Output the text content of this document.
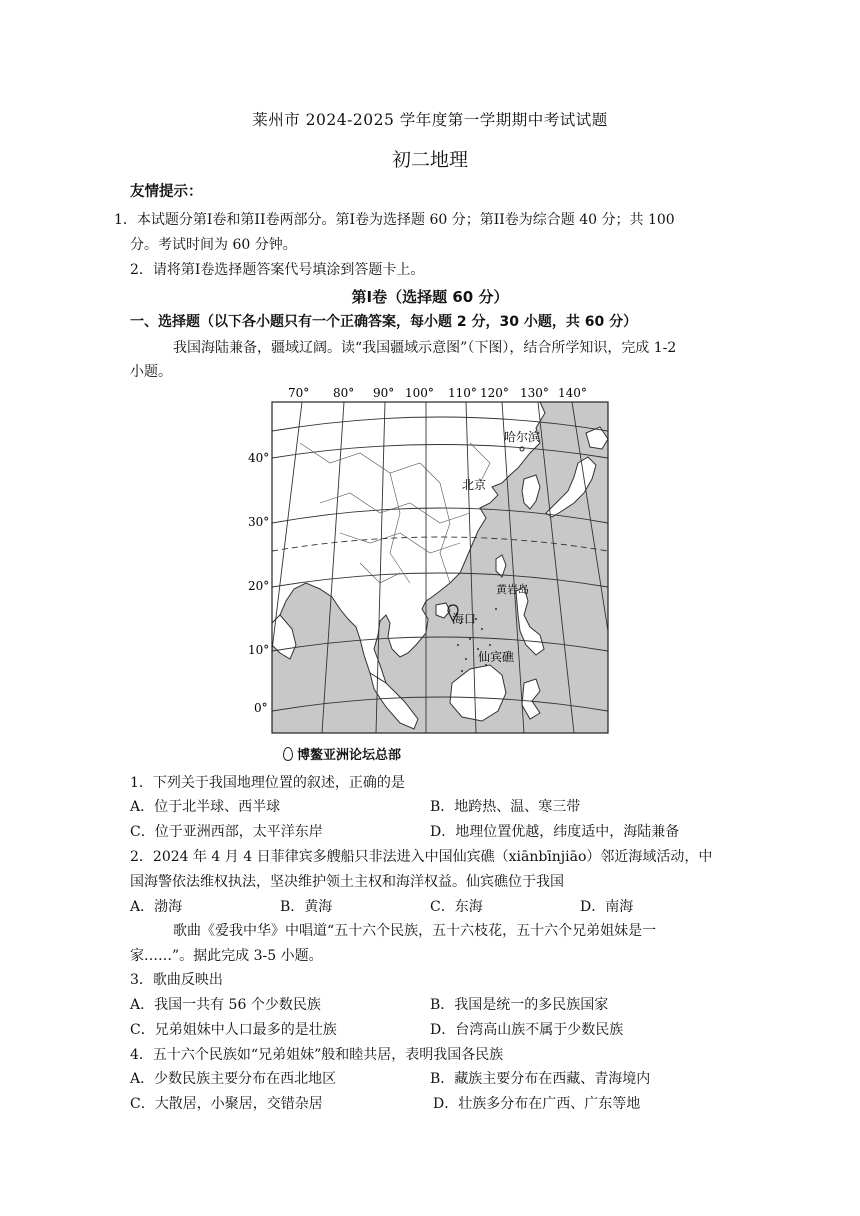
莱州市 2024-2025 学年度第一学期期中考试试题
初二地理
友情提示：
1．本试题分第Ⅰ卷和第ⅠⅠ卷两部分。第Ⅰ卷为选择题 60 分；第ⅠⅠ卷为综合题 40 分；共 100
分。考试时间为 60 分钟。
2．请将第Ⅰ卷选择题答案代号填涂到答题卡上。
第Ⅰ卷（选择题 60 分）
一、选择题（以下各小题只有一个正确答案，每小题 2 分，30 小题，共 60 分）
我国海陆兼备，疆域辽阔。读“我国疆域示意图”（下图），结合所学知识，完成 1-2
小题。
70° 80° 90° 100° 110° 120° 130° 140°
40°
30°
20°
10°
0°
哈尔滨
北京
海口
黄岩岛
仙宾礁
博鳌亚洲论坛总部
1．下列关于我国地理位置的叙述，正确的是
A．位于北半球、西半球	B．地跨热、温、寒三带
C．位于亚洲西部，太平洋东岸	D．地理位置优越，纬度适中，海陆兼备
2．2024 年 4 月 4 日菲律宾多艘船只非法进入中国仙宾礁（xiānbīnjiāo）邻近海域活动，中
国海警依法维权执法，坚决维护领土主权和海洋权益。仙宾礁位于我国
A．渤海	B．黄海	C．东海	D．南海
歌曲《爱我中华》中唱道“五十六个民族，五十六枝花，五十六个兄弟姐妹是一
家……”。据此完成 3-5 小题。
3．歌曲反映出
A．我国一共有 56 个少数民族	B．我国是统一的多民族国家
C．兄弟姐妹中人口最多的是壮族	D．台湾高山族不属于少数民族
4．五十六个民族如“兄弟姐妹”般和睦共居，表明我国各民族
A．少数民族主要分布在西北地区	B．藏族主要分布在西藏、青海境内
C．大散居，小聚居，交错杂居	D．壮族多分布在广西、广东等地
